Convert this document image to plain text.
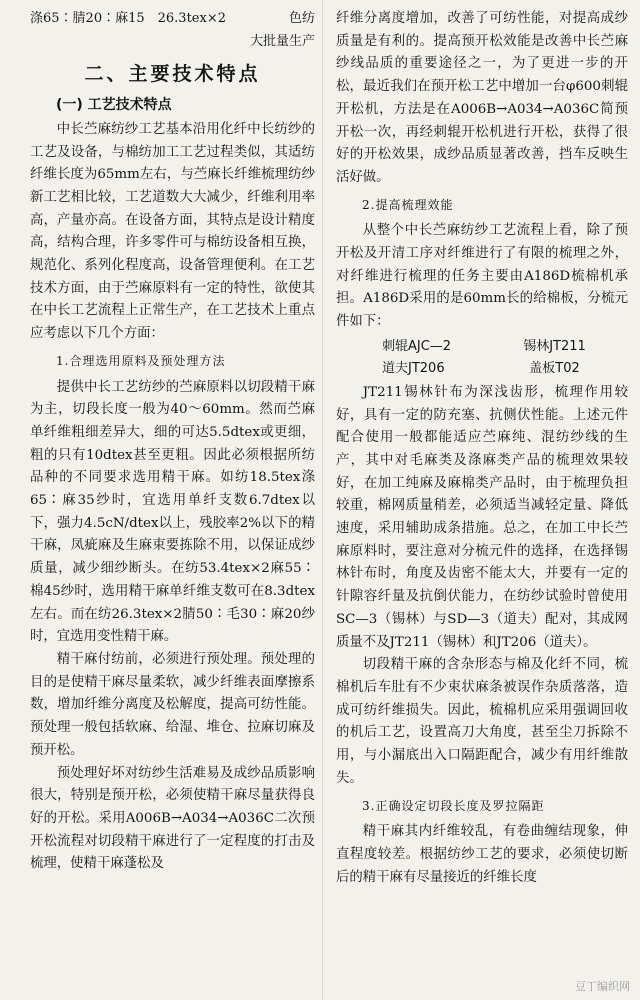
涤65∶腈20∶麻15　26.3tex×2	色纺
大批量生产
二、主要技术特点
(一) 工艺技术特点

中长苎麻纺纱工艺基本沿用化纤中长纺纱的工艺及设备，与棉纺加工工艺过程类似，其适纺纤维长度为65mm左右，与苎麻长纤维梳理纺纱新工艺相比较，工艺道数大大减少，纤维利用率高，产量亦高。在设备方面，其特点是设计精度高，结构合理，许多零件可与棉纺设备相互换，规范化、系列化程度高，设备管理便利。在工艺技术方面，由于苎麻原料有一定的特性，欲使其在中长工艺流程上正常生产，在工艺技术上重点应考虑以下几个方面：

1.合理选用原料及预处理方法

提供中长工艺纺纱的苎麻原料以切段精干麻为主，切段长度一般为40～60mm。然而苎麻单纤维粗细差异大，细的可达5.5dtex或更细，粗的只有10dtex甚至更粗。因此必须根据所纺品种的不同要求选用精干麻。如纺18.5tex涤65∶麻35纱时，宜选用单纤支数6.7dtex以下，强力4.5cN/dtex以上，残胶率2%以下的精干麻，凤疵麻及生麻束要拣除不用，以保证成纱质量，减少细纱断头。在纺53.4tex×2麻55∶棉45纱时，选用精干麻单纤维支数可在8.3dtex左右。而在纺26.3tex×2腈50∶毛30∶麻20纱时，宜选用变性精干麻。

精干麻付纺前，必须进行预处理。预处理的目的是使精干麻尽量柔软，减少纤维表面摩擦系数，增加纤维分离度及松解度，提高可纺性能。预处理一般包括软麻、给湿、堆仓、拉麻切麻及预开松。

预处理好坏对纺纱生活难易及成纱品质影响很大，特别是预开松，必须使精干麻尽量获得良好的开松。采用A006B→A034→A036C二次预开松流程对切段精干麻进行了一定程度的打击及梳理，使精干麻蓬松及

纤维分离度增加，改善了可纺性能，对提高成纱质量是有利的。提高预开松效能是改善中长苎麻纱线品质的重要途径之一，为了更进一步的开松，最近我们在预开松工艺中增加一台φ600刺辊开松机，方法是在A006B→A034→A036C简预开松一次，再经刺辊开松机进行开松，获得了很好的开松效果，成纱品质显著改善，挡车反映生活好做。

2.提高梳理效能

从整个中长苎麻纺纱工艺流程上看，除了预开松及开清工序对纤维进行了有限的梳理之外，对纤维进行梳理的任务主要由A186D梳棉机承担。A186D采用的是60mm长的给棉板，分梳元件如下：

刺辊AJC—2	锡林JT211
道夫JT206	盖板T02

JT211锡林针布为深浅齿形，梳理作用较好，具有一定的防充塞、抗侧伏性能。上述元件配合使用一般都能适应苎麻纯、混纺纱线的生产，其中对毛麻类及涤麻类产品的梳理效果较好，在加工纯麻及麻棉类产品时，由于梳理负担较重，棉网质量稍差，必须适当减轻定量、降低速度，采用辅助成条措施。总之，在加工中长苎麻原料时，要注意对分梳元件的选择，在选择锡林针布时，角度及齿密不能太大，并要有一定的针隙容纤量及抗倒伏能力，在纺纱试验时曾使用SC—3（锡林）与SD—3（道夫）配对，其成网质量不及JT211（锡林）和JT206（道夫）。

切段精干麻的含杂形态与棉及化纤不同，梳棉机后车肚有不少束状麻条被误作杂质落落，造成可纺纤维损失。因此，梳棉机应采用强调回收的机后工艺，设置高刀大角度，甚至尘刀拆除不用，与小漏底出入口隔距配合，减少有用纤维散失。

3.正确设定切段长度及罗拉隔距

精干麻其内纤维较乱，有卷曲缠结现象，伸直程度较差。根据纺纱工艺的要求，必须使切断后的精干麻有尽量接近的纤维长度

豆丁编织网
